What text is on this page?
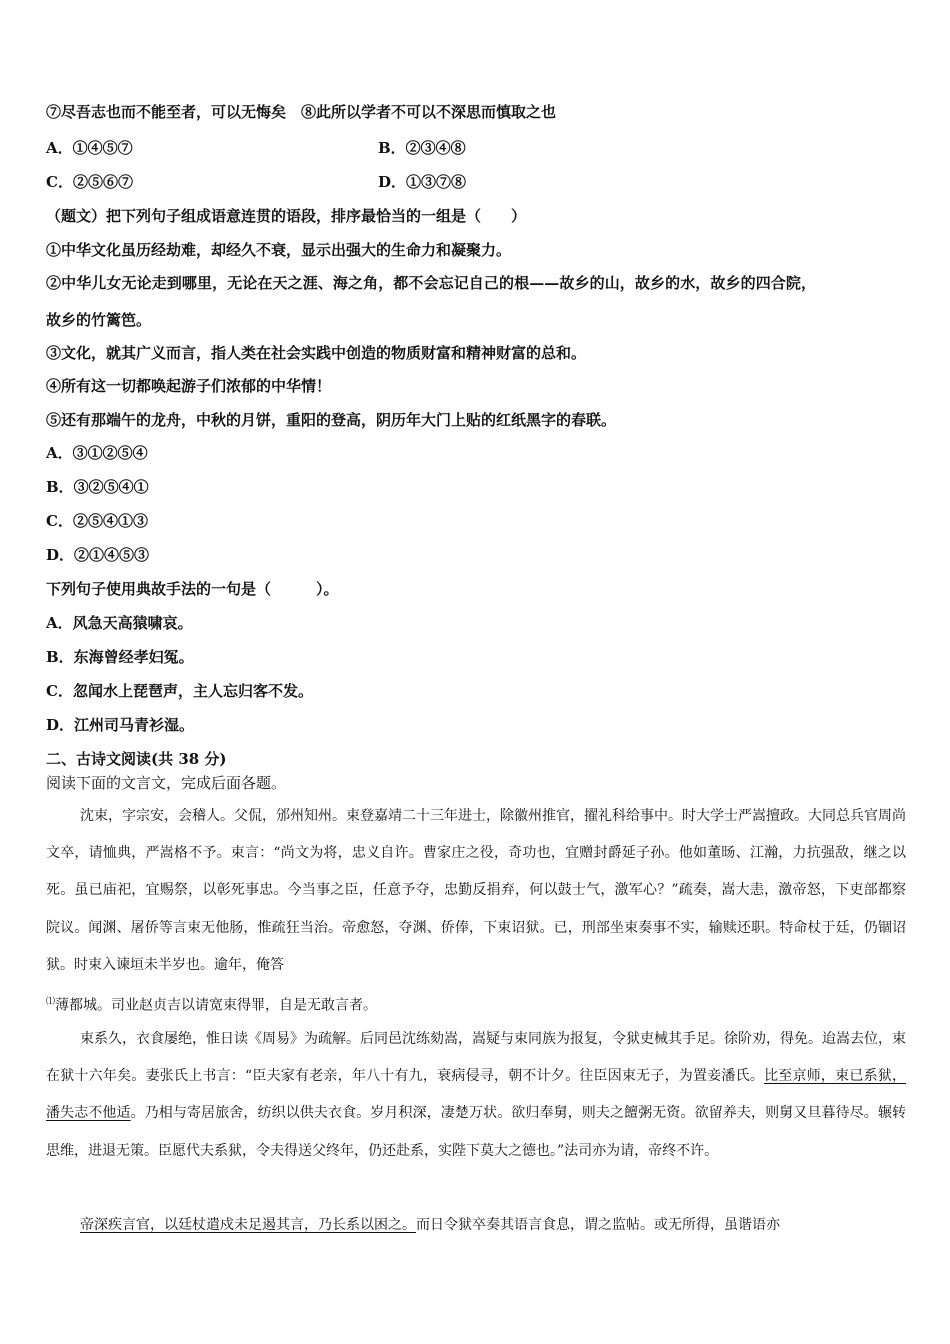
⑦尽吾志也而不能至者，可以无悔矣　⑧此所以学者不可以不深思而慎取之也
A．①④⑤⑦	B．②③④⑧
C．②⑤⑥⑦	D．①③⑦⑧
（题文）把下列句子组成语意连贯的语段，排序最恰当的一组是（　　）
①中华文化虽历经劫难，却经久不衰，显示出强大的生命力和凝聚力。
②中华儿女无论走到哪里，无论在天之涯、海之角，都不会忘记自己的根——故乡的山，故乡的水，故乡的四合院，
故乡的竹篱笆。
③文化，就其广义而言，指人类在社会实践中创造的物质财富和精神财富的总和。
④所有这一切都唤起游子们浓郁的中华情！
⑤还有那端午的龙舟，中秋的月饼，重阳的登高，阴历年大门上贴的红纸黑字的春联。
A．③①②⑤④
B．③②⑤④①
C．②⑤④①③
D．②①④⑤③
下列句子使用典故手法的一句是（　　　）。
A．风急天高猿啸哀。
B．东海曾经孝妇冤。
C．忽闻水上琵琶声，主人忘归客不发。
D．江州司马青衫湿。
二、古诗文阅读(共 38 分)
阅读下面的文言文，完成后面各题。
沈束，字宗安，会稽人。父侃，邠州知州。束登嘉靖二十三年进士，除徽州推官，擢礼科给事中。时大学士严嵩擅政。大同总兵官周尚文卒，请恤典，严嵩格不予。束言：“尚文为将，忠义自许。曹家庄之役，奇功也，宜赠封爵延子孙。他如董旸、江瀚，力抗强敌，继之以死。虽已庙祀，宜赐祭，以彰死事忠。今当事之臣，任意予夺，忠勤反捐弃，何以鼓士气，激军心？”疏奏，嵩大恚，激帝怒，下吏部都察院议。闻渊、屠侨等言束无他肠，惟疏狂当治。帝愈怒，夺渊、侨俸，下束诏狱。已，刑部坐束奏事不实，输赎还职。特命杖于廷，仍锢诏狱。时束入谏垣未半岁也。逾年，俺答
⑴薄都城。司业赵贞吉以请宽束得罪，自是无敢言者。
束系久，衣食屡绝，惟日读《周易》为疏解。后同邑沈练劾嵩，嵩疑与束同族为报复，令狱吏械其手足。徐阶劝，得免。迨嵩去位，束在狱十六年矣。妻张氏上书言：“臣夫家有老亲，年八十有九，衰病侵寻，朝不计夕。往臣因束无子，为置妾潘氏。比至京师，束已系狱，潘失志不他适。乃相与寄居旅舍，纺织以供夫衣食。岁月积深，凄楚万状。欲归奉舅，则夫之饘粥无资。欲留养夫，则舅又旦暮待尽。辗转思维，进退无策。臣愿代夫系狱，令夫得送父终年，仍还赴系，实陛下莫大之德也。”法司亦为请，帝终不许。
帝深疾言官，以廷杖遣戍未足遏其言，乃长系以困之。而日令狱卒奏其语言食息，谓之监帖。或无所得，虽谐语亦
